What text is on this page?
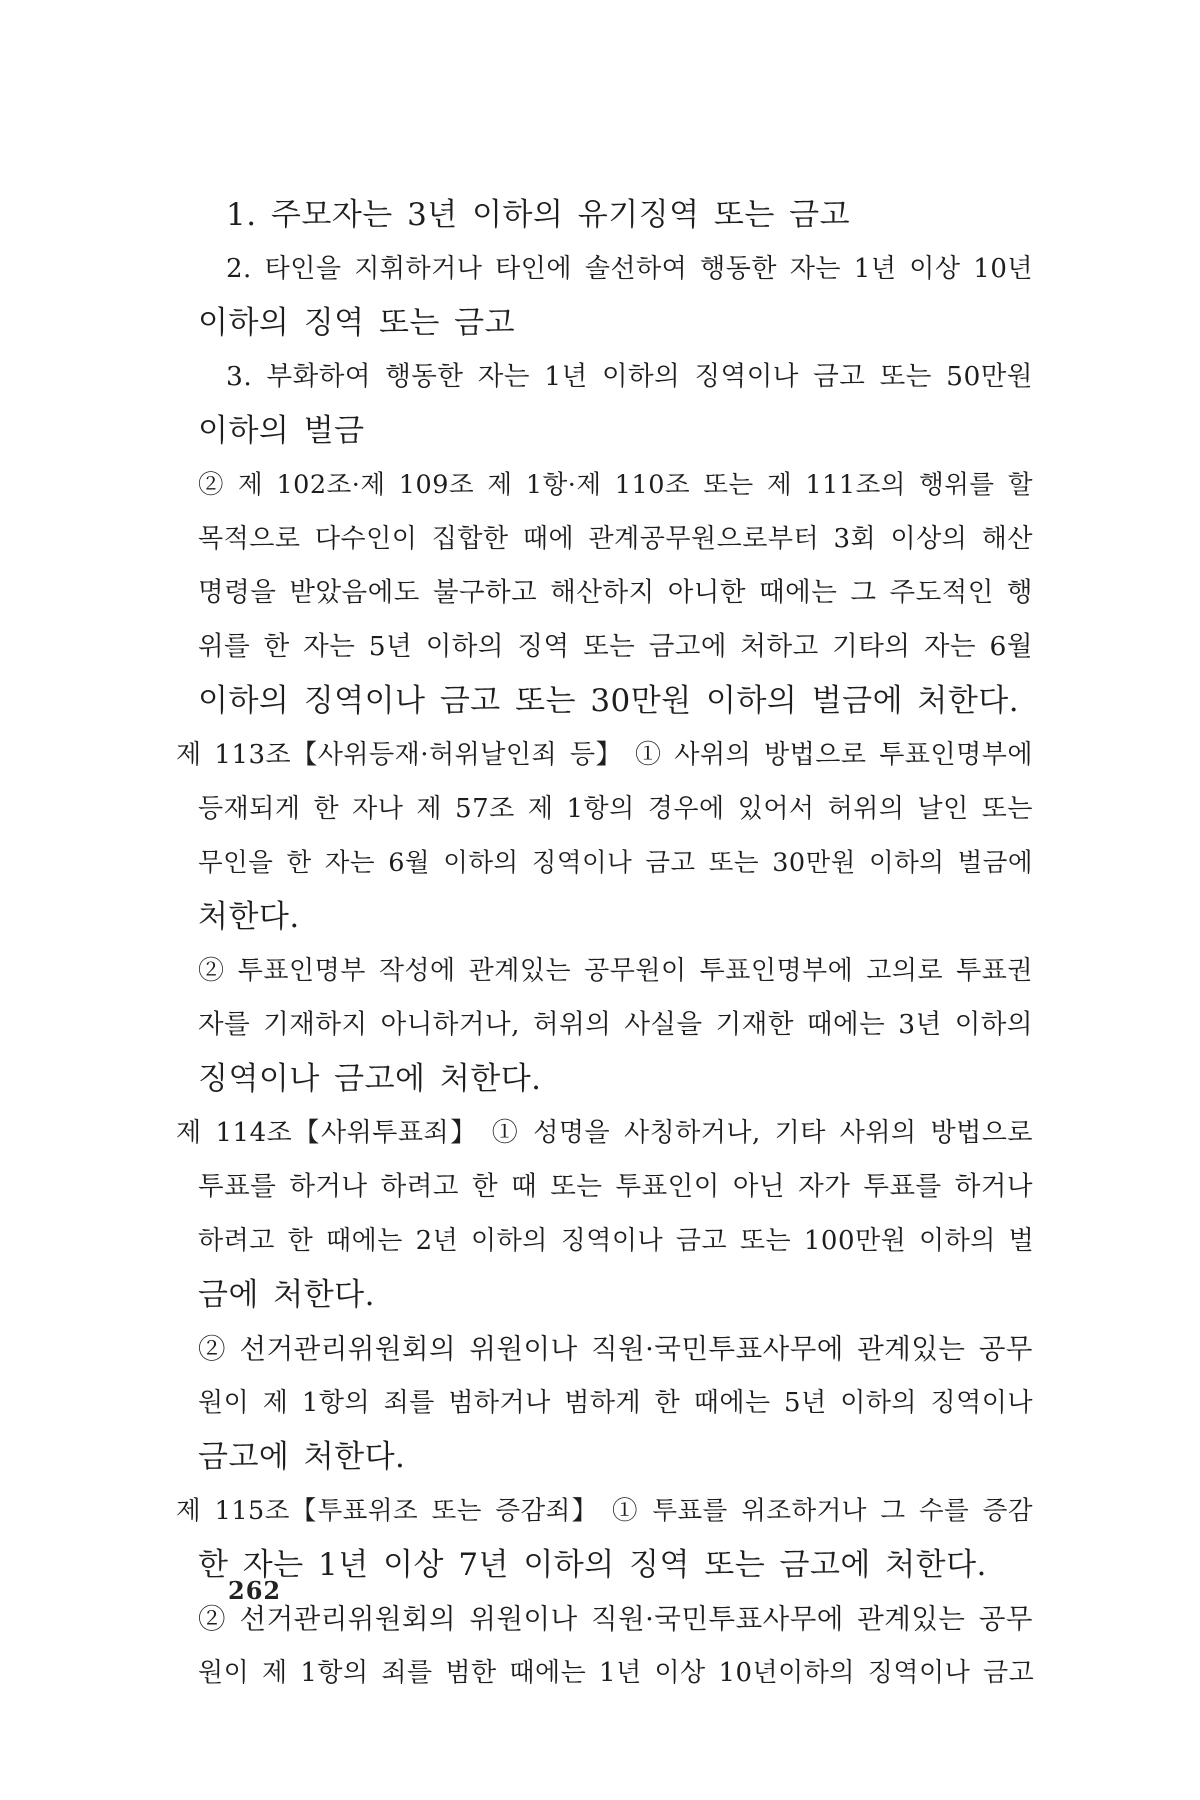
1. 주모자는 3년 이하의 유기징역 또는 금고
2. 타인을 지휘하거나 타인에 솔선하여 행동한 자는 1년 이상 10년
이하의 징역 또는 금고
3. 부화하여 행동한 자는 1년 이하의 징역이나 금고 또는 50만원
이하의 벌금
② 제 102조·제 109조 제 1항·제 110조 또는 제 111조의 행위를 할
목적으로 다수인이 집합한 때에 관계공무원으로부터 3회 이상의 해산
명령을 받았음에도 불구하고 해산하지 아니한 때에는 그 주도적인 행
위를 한 자는 5년 이하의 징역 또는 금고에 처하고 기타의 자는 6월
이하의 징역이나 금고 또는 30만원 이하의 벌금에 처한다.
제 113조【사위등재·허위날인죄 등】 ① 사위의 방법으로 투표인명부에
등재되게 한 자나 제 57조 제 1항의 경우에 있어서 허위의 날인 또는
무인을 한 자는 6월 이하의 징역이나 금고 또는 30만원 이하의 벌금에
처한다.
② 투표인명부 작성에 관계있는 공무원이 투표인명부에 고의로 투표권
자를 기재하지 아니하거나, 허위의 사실을 기재한 때에는 3년 이하의
징역이나 금고에 처한다.
제 114조【사위투표죄】 ① 성명을 사칭하거나, 기타 사위의 방법으로
투표를 하거나 하려고 한 때 또는 투표인이 아닌 자가 투표를 하거나
하려고 한 때에는 2년 이하의 징역이나 금고 또는 100만원 이하의 벌
금에 처한다.
② 선거관리위원회의 위원이나 직원·국민투표사무에 관계있는 공무
원이 제 1항의 죄를 범하거나 범하게 한 때에는 5년 이하의 징역이나
금고에 처한다.
제 115조【투표위조 또는 증감죄】 ① 투표를 위조하거나 그 수를 증감
한 자는 1년 이상 7년 이하의 징역 또는 금고에 처한다.
② 선거관리위원회의 위원이나 직원·국민투표사무에 관계있는 공무
원이 제 1항의 죄를 범한 때에는 1년 이상 10년이하의 징역이나 금고
262
